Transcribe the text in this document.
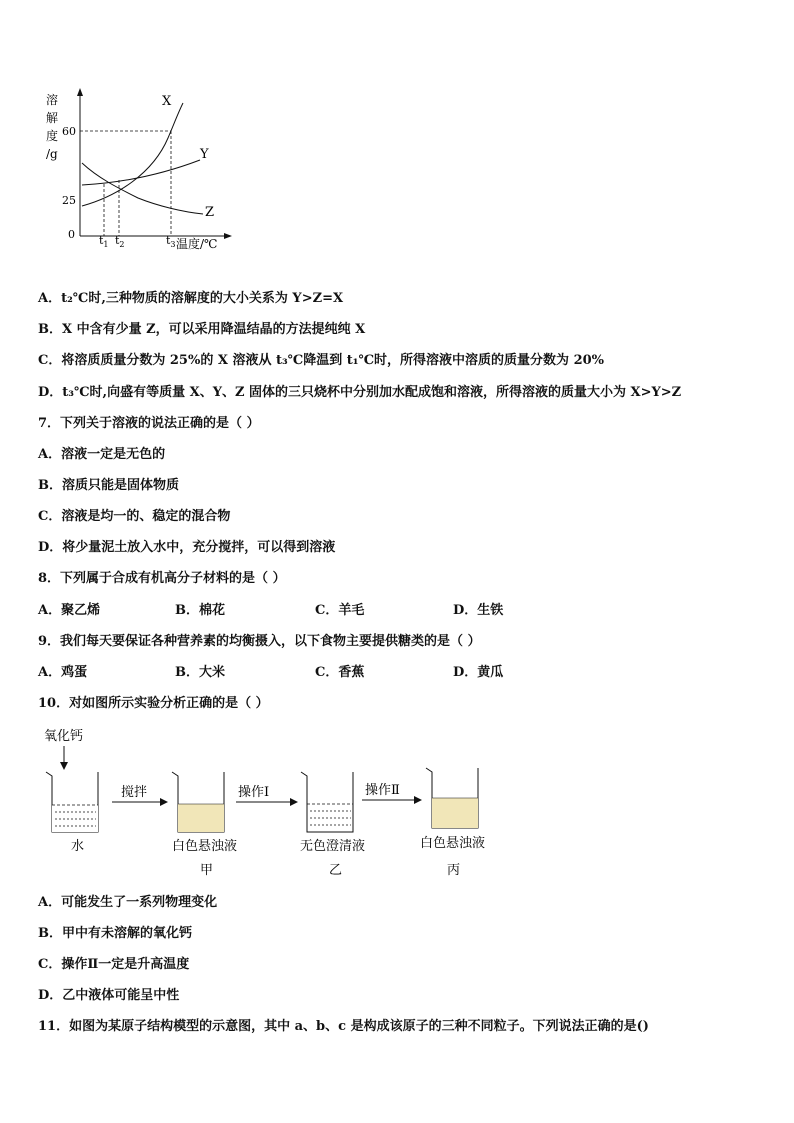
溶
解
度
/g
60
25
0
X
Y
Z
$t_1$ $t_2$	$t_3$ 温度/℃
A．t₂℃时,三种物质的溶解度的大小关系为 Y>Z=X
B．X 中含有少量 Z，可以采用降温结晶的方法提纯纯 X
C．将溶质质量分数为 25%的 X 溶液从 t₃℃降温到 t₁℃时，所得溶液中溶质的质量分数为 20%
D．t₃℃时,向盛有等质量 X、Y、Z 固体的三只烧杯中分别加水配成饱和溶液，所得溶液的质量大小为 X>Y>Z
7．下列关于溶液的说法正确的是（ ）
A．溶液一定是无色的
B．溶质只能是固体物质
C．溶液是均一的、稳定的混合物
D．将少量泥土放入水中，充分搅拌，可以得到溶液
8．下列属于合成有机高分子材料的是（ ）
A．聚乙烯	B．棉花	C．羊毛	D．生铁
9．我们每天要保证各种营养素的均衡摄入，以下食物主要提供糖类的是（ ）
A．鸡蛋	B．大米	C．香蕉	D．黄瓜
10．对如图所示实验分析正确的是（ ）
氧化钙
搅拌	操作Ⅰ	操作Ⅱ
水	白色悬浊液
甲
无色澄清液
乙
白色悬浊液
丙
A．可能发生了一系列物理变化
B．甲中有未溶解的氧化钙
C．操作Ⅱ一定是升高温度
D．乙中液体可能呈中性
11．如图为某原子结构模型的示意图，其中 a、b、c 是构成该原子的三种不同粒子。下列说法正确的是()
